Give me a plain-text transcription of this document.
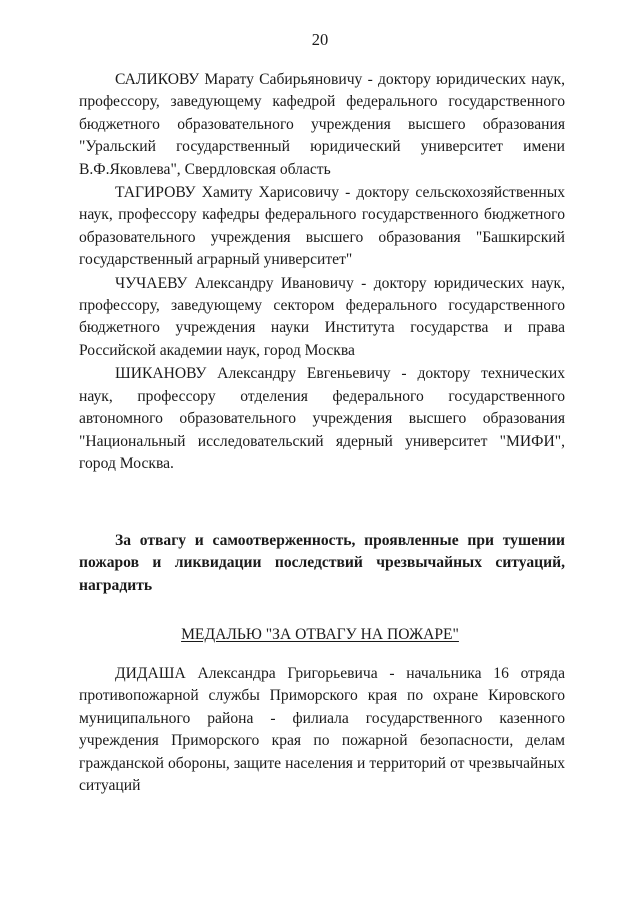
20

САЛИКОВУ Марату Сабирьяновичу - доктору юридических наук, профессору, заведующему кафедрой федерального государственного бюджетного образовательного учреждения высшего образования "Уральский государственный юридический университет имени В.Ф.Яковлева", Свердловская область

ТАГИРОВУ Хамиту Харисовичу - доктору сельскохозяйственных наук, профессору кафедры федерального государственного бюджетного образовательного учреждения высшего образования "Башкирский государственный аграрный университет"

ЧУЧАЕВУ Александру Ивановичу - доктору юридических наук, профессору, заведующему сектором федерального государственного бюджетного учреждения науки Института государства и права Российской академии наук, город Москва

ШИКАНОВУ Александру Евгеньевичу - доктору технических наук, профессору отделения федерального государственного автономного образовательного учреждения высшего образования "Национальный исследовательский ядерный университет "МИФИ", город Москва.

За отвагу и самоотверженность, проявленные при тушении пожаров и ликвидации последствий чрезвычайных ситуаций, наградить

МЕДАЛЬЮ "ЗА ОТВАГУ НА ПОЖАРЕ"

ДИДАША Александра Григорьевича - начальника 16 отряда противопожарной службы Приморского края по охране Кировского муниципального района - филиала государственного казенного учреждения Приморского края по пожарной безопасности, делам гражданской обороны, защите населения и территорий от чрезвычайных ситуаций
